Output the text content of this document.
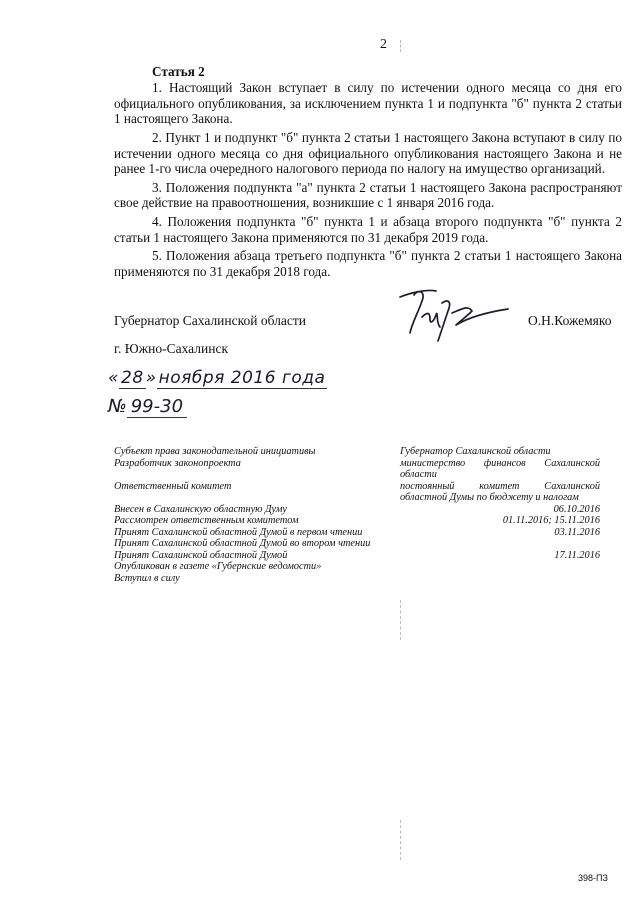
2
Статья 2

1. Настоящий Закон вступает в силу по истечении одного месяца со дня его официального опубликования, за исключением пункта 1 и подпункта "б" пункта 2 статьи 1 настоящего Закона.

2. Пункт 1 и подпункт "б" пункта 2 статьи 1 настоящего Закона вступают в силу по истечении одного месяца со дня официального опубликования настоящего Закона и не ранее 1-го числа очередного налогового периода по налогу на имущество организаций.

3. Положения подпункта "а" пункта 2 статьи 1 настоящего Закона распространяют свое действие на правоотношения, возникшие с 1 января 2016 года.

4. Положения подпункта "б" пункта 1 и абзаца второго подпункта "б" пункта 2 статьи 1 настоящего Закона применяются по 31 декабря 2019 года.

5. Положения абзаца третьего подпункта "б" пункта 2 статьи 1 настоящего Закона применяются по 31 декабря 2018 года.

Губернатор Сахалинской области	О.Н.Кожемяко
г. Южно-Сахалинск
« 28 » ноября 2016 года
№ 99-30
Субъект права законодательной инициативы
Разработчик законопроекта
Ответственный комитет
Внесен в Сахалинскую областную Думу
Рассмотрен ответственным комитетом
Принят Сахалинской областной Думой в первом чтении
Принят Сахалинской областной Думой во втором чтении
Принят Сахалинской областной Думой
Опубликован в газете «Губернские ведомости»
Вступил в силу
Губернатор Сахалинской области
министерство финансов Сахалинской
области
постоянный комитет Сахалинской
областной Думы по бюджету и налогам
06.10.2016
01.11.2016; 15.11.2016
03.11.2016
17.11.2016
398-ПЗ
